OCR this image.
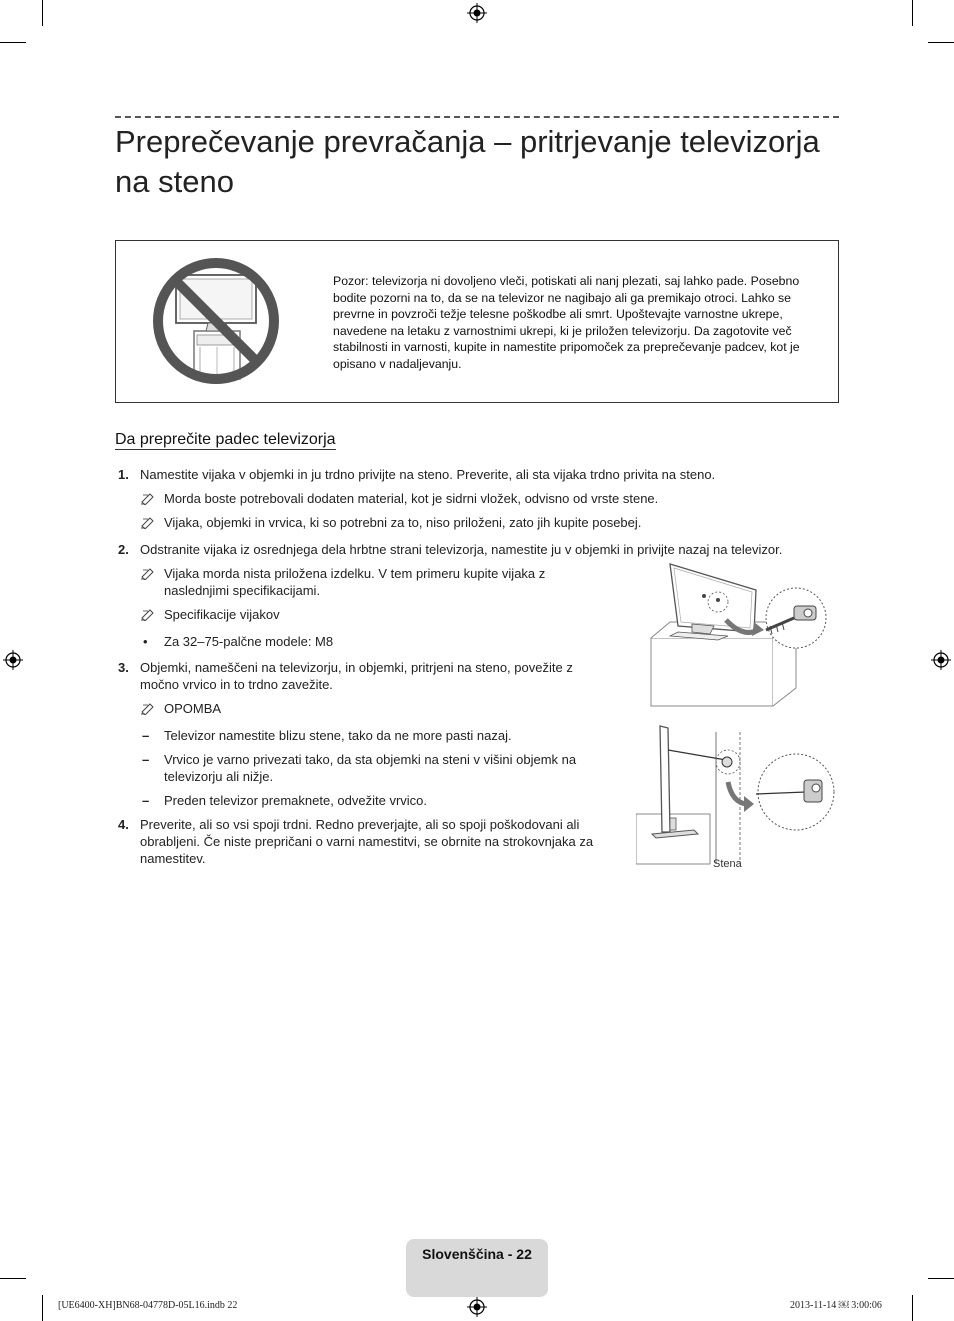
Preprečevanje prevračanja – pritrjevanje televizorja na steno

Pozor: televizorja ni dovoljeno vleči, potiskati ali nanj plezati, saj lahko pade. Posebno bodite pozorni na to, da se na televizor ne nagibajo ali ga premikajo otroci. Lahko se prevrne in povzroči težje telesne poškodbe ali smrt. Upoštevajte varnostne ukrepe, navedene na letaku z varnostnimi ukrepi, ki je priložen televizorju. Da zagotovite več stabilnosti in varnosti, kupite in namestite pripomoček za preprečevanje padcev, kot je opisano v nadaljevanju.

Da preprečite padec televizorja
1. Namestite vijaka v objemki in ju trdno privijte na steno. Preverite, ali sta vijaka trdno privita na steno.

Morda boste potrebovali dodaten material, kot je sidrni vložek, odvisno od vrste stene.

Vijaka, objemki in vrvica, ki so potrebni za to, niso priloženi, zato jih kupite posebej.

2. Odstranite vijaka iz osrednjega dela hrbtne strani televizorja, namestite ju v objemki in privijte nazaj na televizor.

Vijaka morda nista priložena izdelku. V tem primeru kupite vijaka z naslednjimi specifikacijami.

Specifikacije vijakov

• Za 32–75-palčne modele: M8

3. Objemki, nameščeni na televizorju, in objemki, pritrjeni na steno, povežite z močno vrvico in to trdno zavežite.

OPOMBA

– Televizor namestite blizu stene, tako da ne more pasti nazaj.

– Vrvico je varno privezati tako, da sta objemki na steni v višini objemk na televizorju ali nižje.

– Preden televizor premaknete, odvežite vrvico.

4. Preverite, ali so vsi spoji trdni. Redno preverjajte, ali so spoji poškodovani ali obrabljeni. Če niste prepričani o varni namestitvi, se obrnite na strokovnjaka za namestitev.	Stena
Slovenščina - 22
[UE6400-XH]BN68-04778D-05L16.indb 22	2013-11-14 ￼ 3:00:06
